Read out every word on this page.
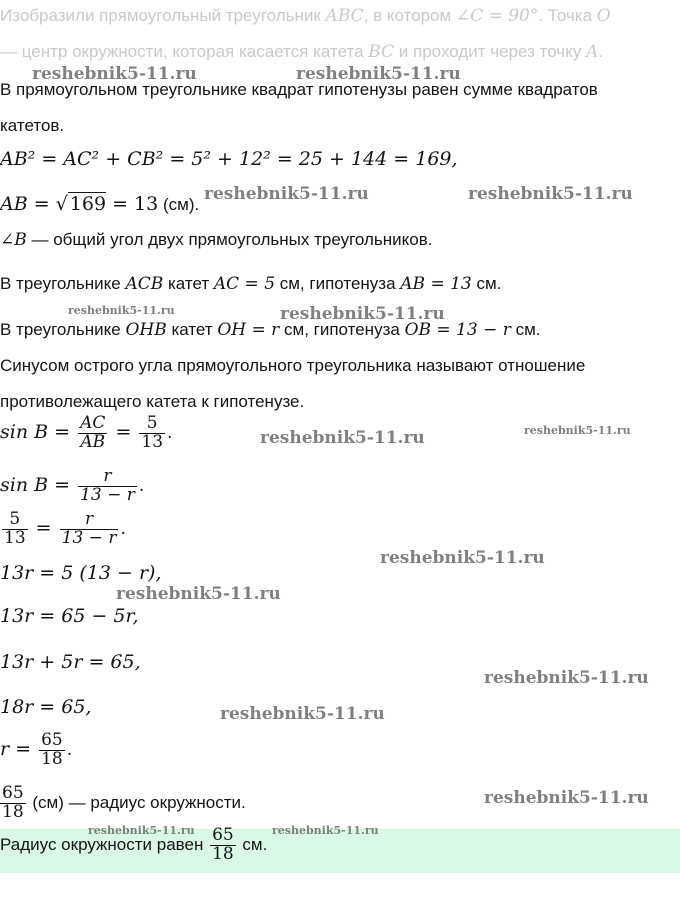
Изобразили прямоугольный треугольник ABC, в котором ∠C = 90°. Точка O
— центр окружности, которая касается катета BC и проходит через точку A.
В прямоугольном треугольнике квадрат гипотенузы равен сумме квадратов
катетов.
AB² = AC² + CB² = 5² + 12² = 25 + 144 = 169,
AB = √ 169 = 13 (см).
∠B — общий угол двух прямоугольных треугольников.
В треугольнике ACB катет AC = 5 см, гипотенуза AB = 13 см.
В треугольнике OHB катет OH = r см, гипотенуза OB = 13 − r см.
Синусом острого угла прямоугольного треугольника называют отношение
противолежащего катета к гипотенузе.
$\sin B = \frac{AC}{AB} = \frac{5}{13}$ .
$\sin B = \frac{r}{13 - r}$ .
$\frac{5}{13} = \frac{r}{13 - r}$ .
13r = 5 (13 − r),
13r = 65 − 5r,
13r + 5r = 65,
18r = 65,
$r = \frac{65}{18}$ .
$\frac{65}{18} (см)$ — радиус окружности.
Радиус окружности равен $\frac{65}{18}$ см.
reshebnik5-11.ru	reshebnik5-11.ru
reshebnik5-11.ru	reshebnik5-11.ru
reshebnik5-11.ru	reshebnik5-11.ru
reshebnik5-11.ru	reshebnik5-11.ru
reshebnik5-11.ru
reshebnik5-11.ru
reshebnik5-11.ru
reshebnik5-11.ru
reshebnik5-11.ru
reshebnik5-11.ru	reshebnik5-11.ru
